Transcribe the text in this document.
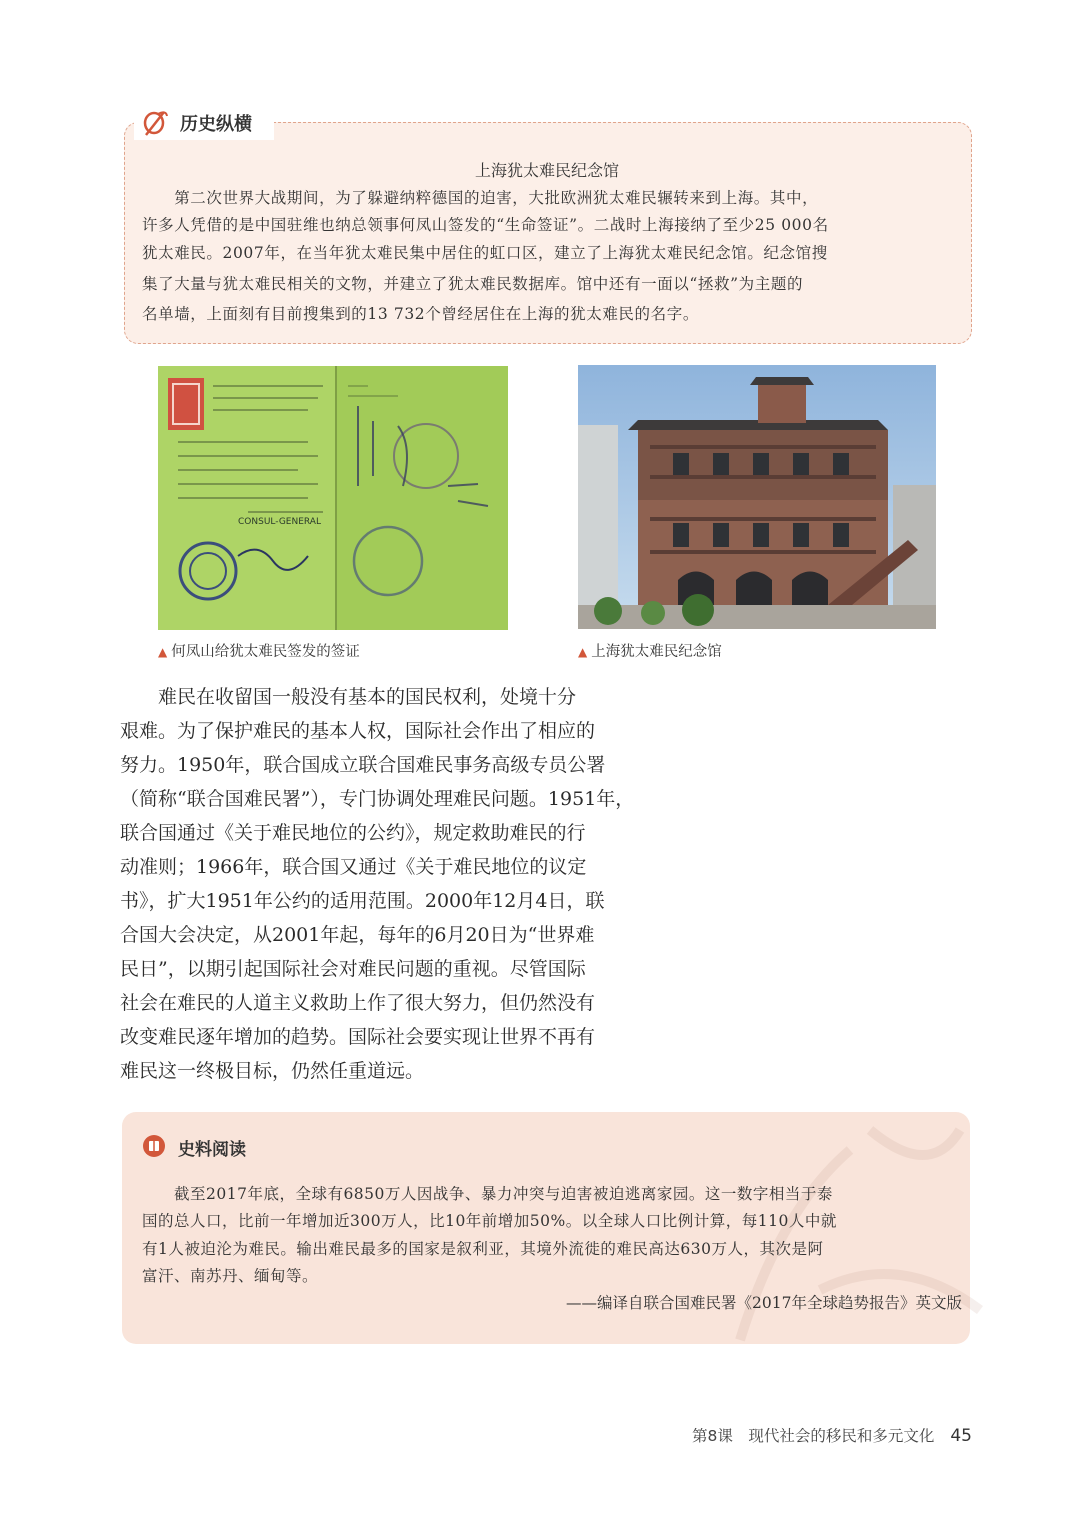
历史纵横
上海犹太难民纪念馆
　　第二次世界大战期间，为了躲避纳粹德国的迫害，大批欧洲犹太难民辗转来到上海。其中，
许多人凭借的是中国驻维也纳总领事何凤山签发的“生命签证”。二战时上海接纳了至少25 000名
犹太难民。2007年，在当年犹太难民集中居住的虹口区，建立了上海犹太难民纪念馆。纪念馆搜
集了大量与犹太难民相关的文物，并建立了犹太难民数据库。馆中还有一面以“拯救”为主题的
名单墙，上面刻有目前搜集到的13 732个曾经居住在上海的犹太难民的名字。
CONSUL-GENERAL
▲ 何凤山给犹太难民签发的签证	▲ 上海犹太难民纪念馆
　　难民在收留国一般没有基本的国民权利，处境十分
艰难。为了保护难民的基本人权，国际社会作出了相应的
努力。1950年，联合国成立联合国难民事务高级专员公署
（简称“联合国难民署”），专门协调处理难民问题。1951年，
联合国通过《关于难民地位的公约》，规定救助难民的行
动准则；1966年，联合国又通过《关于难民地位的议定
书》，扩大1951年公约的适用范围。2000年12月4日，联
合国大会决定，从2001年起，每年的6月20日为“世界难
民日”，以期引起国际社会对难民问题的重视。尽管国际
社会在难民的人道主义救助上作了很大努力，但仍然没有
改变难民逐年增加的趋势。国际社会要实现让世界不再有
难民这一终极目标，仍然任重道远。
史料阅读
　　截至2017年底，全球有6850万人因战争、暴力冲突与迫害被迫逃离家园。这一数字相当于泰
国的总人口，比前一年增加近300万人，比10年前增加50%。以全球人口比例计算，每110人中就
有1人被迫沦为难民。输出难民最多的国家是叙利亚，其境外流徙的难民高达630万人，其次是阿
富汗、南苏丹、缅甸等。
——编译自联合国难民署《2017年全球趋势报告》英文版
第8课　现代社会的移民和多元文化 45
